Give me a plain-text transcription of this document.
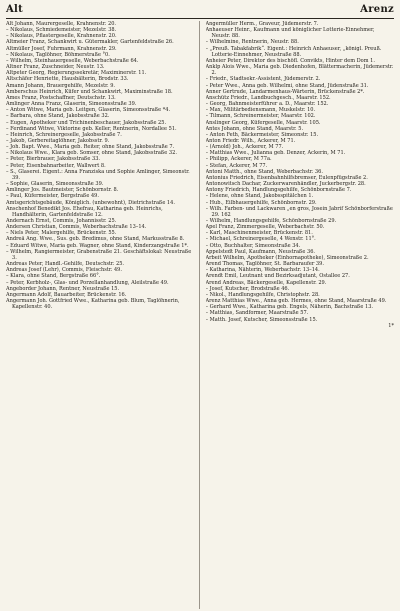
Alt	Arenz

Alt Johann, Maurergeselle, Krahnenstr. 20.

– Nikolaus, Schmiedemeister, Mezelstr. 38.

– Nikolaus, Pflastergeselle, Krahnenstr. 20.

Altmeier Franz, Schankwirt u. Gütermakler, Gartenfeldstraße 26.

Altmüller Josef, Fuhrmann, Krahnenstr. 29.

– Nikolaus, Taglöhner, Böhmerstraße °0.

– Wilhelm, Steinhauergeselle, Weberbachstraße 64.

Altner Franz, Zuschneider, Neustr. 13.

Altpeter Georg, Regierungssekretär, Maximinerstr. 11.

Altschäfer Henriette, Hausbälterin, Brodstr. 33.

Amann Johann, Brauergehilfe, Mezelstr. 9.

Amberschus Heinrich, Küfer und Schankwirt, Maximinstraße 18.

Ames Franz, Postschaffner, Deutschstr. 13.

Amlinger Anna Franz, Glaserin, Simeonsstraße 39.

– Anton Witwe, Maria geb. Leitgen, Glaserin, Simeonsstraße *4.

– Barbara, ohne Stand, Jakobsstraße 32.

– Eugen, Apotheker und Trichinenbeschauer, Jakobsstraße 25.

– Ferdinand Witwe, Viktorine geb. Keller, Rentnerin, Nordallee 51.

– Heinrich, Schreinergeselle, Jakobsstraße 7.

– Jakob, Gerbereitaglöhner, Jakobsstr. 9.

– Joh. Bapt. Wwe., Maria geb. Reiter, ohne Stand, Jakobsstraße 7.

– Nikolaus Wwe., Klara geb. Somser, ohne Stand, Jakobsstraße 32.

– Peter, Bierbrauer, Jakobsstraße 33.

– Peter, Eisenbahnarbeiter, Wallwert 8.

– S., Glaserei. Eigent.: Anna Franziska und Sophie Amlinger, Simeonstr. 39.

– Sophie, Glaserin, Simeonsstraße 39.

Amlinger Jos. Bautmeister, Schönbornstr. 8.

– Paul, Küfermeister, Bergstraße 49.

Amtsgerichtsgebäude, Königlich. (unbewohnt), Dietrichstraße 14.

Anschenhof Benedikt Jos. Ehefrau, Katharina geb. Heinrichs, Handhälterin, Gartenfeldstraße 12.

Andernach Ernst, Commis, Johannisstr. 25.

Andersen Christian, Commis, Weberbachstraße 13–14.

– Niels Peter, Malergehilfe, Brückenstr. 55.

Andreä Ang. Wwe., Sus. geb. Bredimus, ohne Stand, Markusstraße 8.

– Eduard Witwe, Maria geb. Wagner, ohne Stand, Kinderzangstraße 1*.

– Wilhelm, Rangiermeister, Grabenstraße 21. Geschäftslokal: Neustraße 3.

Andreas Peter, Handl.-Gehilfe, Deutschstr. 25.

Andreas Josef (Lehr), Commis, Fleischstr. 49.

– Klara, ohne Stand, Bergstraße 66°.

– Peter, Kerbholz-, Glas- und Porzellanhandlung, Aleilstraße 49.

Angeborder Johann, Rentner, Neustraße 15.

Angermann Adolf, Bauarbeiter, Brückenstr. 16.

Angermann Joh. Gottfried Wwe., Katharina geb. Blum, Taglöhnerin, Kapellenstr. 40.

Angermüller Herm., Graveur, Jüdemerstr. 7.

Anhaeuser Heinr., Kaufmann und königlicher Lotterie-Einnehmer, Neustr. 88.

– Wilhelmine, Rentnerin, Neustr. 88.

– „Preuß. Tabakfabrik“. Eigent.: Heinrich Anhaeuser, „königl. Preuß. Lotterie-Einnehmer, Neustraße 88.

Anheier Peter, Direktor des bischöfl. Convikts, Hinter dem Dom 1.

Anklp Alois Wwe., Maria geb. Diedenhofen, Blättermacherin, Jüdemerstr. 2.

– Friedr., Stadtsekr.-Assistent, Jüdemerstr. 2.

– Peter Wwe., Anna geb. Wilhelmi, ohne Stand, Jüdenstraße 31.

Anner Gertrude, Landarmenhaus-Wärterin, Brückenstraße 2*.

Anschütz Friedr., Landbuchgesch., Maarstr. 152.

– Georg, Bahnmeisterführer a. D., Maarstr. 152.

– Max, Militärbediensmann, Muskelstr. 10.

– Tilmann, Schreinermeister, Maarstr. 102.

Anslinger Georg, Küfergeselle, Maarstr. 105.

Antes Johann, ohne Stand, Maarstr. 5.

– Anton Feth, Bäckermeister, Simeonstr. 15.

Anton Friedr. Wilh., Ackerer, M 71.

– (Arnold) Joh., Ackerer, M 77.

– Matthias Wwe., Julianna geb. Denzer, Ackerin, M 71.

– Philipp, Ackerer, M 77a.

– Stefan, Ackerer, M 77.

Antoni Matth., ohne Stand, Weberbachstr. 36.

Antonius Friedrich, Eisenbahnhilfsbremser, Eulenpfügstraße 2.

Antonowitsch Dachar, Zuckerwarenhändler, Juckerbergstr. 28.

Antony Friedrich, Handlungsgehilfe, Schönbornstraße 7.

– Helene, ohne Stand, Jakobsspitälchen 1.

– Hub., Eilbhauergehilfe, Schönbornstr. 29.

– Wilh. Farben- und Lackwaren „en gros, Josein Jabrif Schönborferstraße 29. 162

– Wilhelm, Handlungsgehilfe, Schönbornstraße 29.

Apel Franz, Zimmergeselle, Weberbachstr. 50.

– Karl, Maschinenmeister, Brückenstr. 81.

– Michael, Schreinergeselle, 4 Wenstr. 11°.

– Otto, Buchhalter, Simeonstraße 34.

Appelstedt Paul, Kaufmann, Neustraße 36.

Arbeit Wilhelm, Apotheker (Einhornapotheke), Simeonstraße 2.

Arend Thomas, Taglöhner, St. Barbaraufer 39.

– Katharina, Nähterin, Weberbachstr. 13–14.

Arendt Emil, Leutnant und Bezirksadjutant, Ostallee 27.

Arend Andreas, Bäckergeselle, Kapellenstr. 29.

– Josef, Kutscher, Brodstraße 46.

– Nikol., Handlungsgehilfe, Christophstr. 28.

Arenz Matthias Wwe., Anna geb. Hermes, ohne Stand, Maarstraße 49.

– Gerhard Wwe., Katharina geb. Engels, Näherin, Bachstraße 13.

– Matthias, Sandformer, Maarstraße 57.

– Matth. Josef, Kutscher, Simeonsstraße 15.

1*
